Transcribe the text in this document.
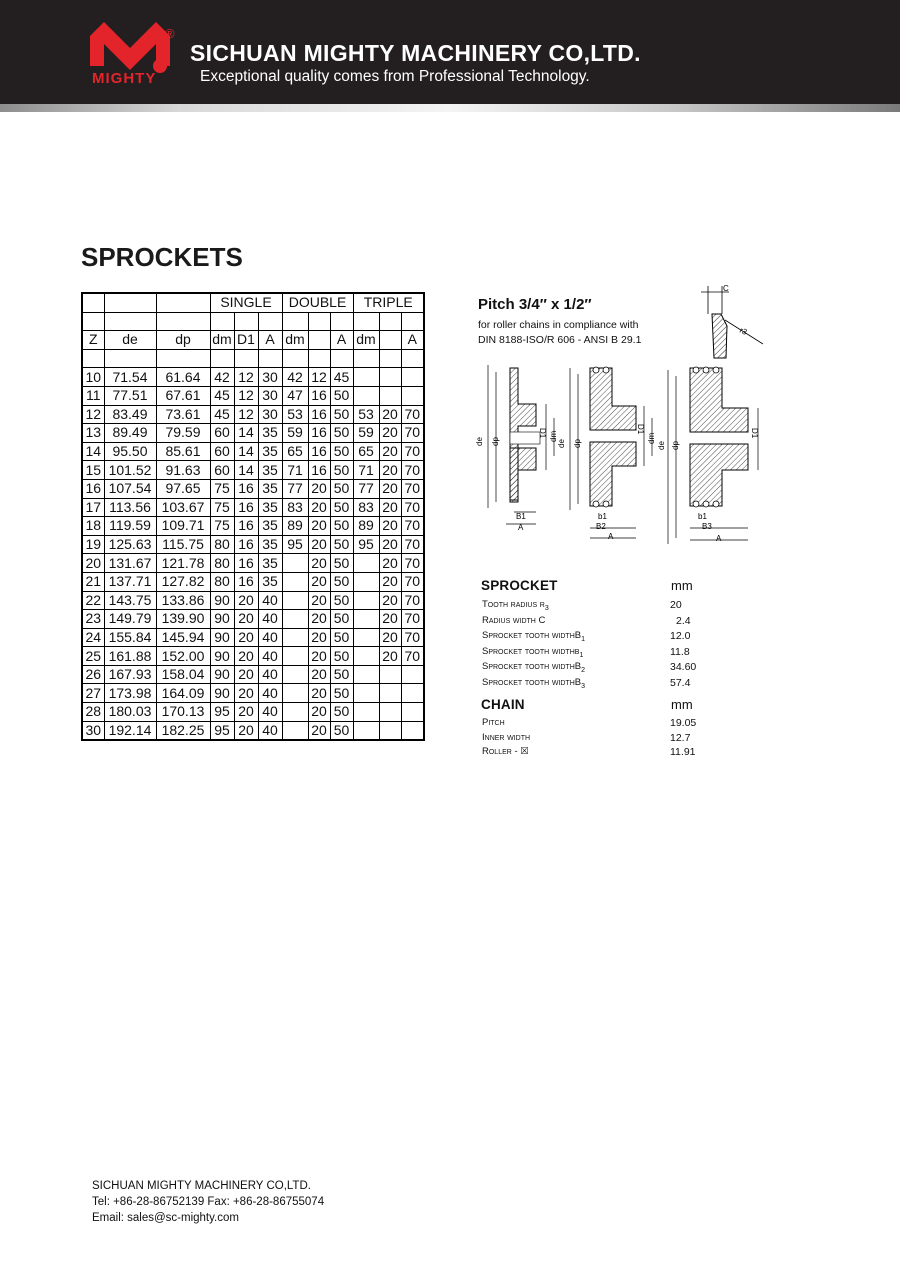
®
MIGHTY
SICHUAN MIGHTY MACHINERY CO,LTD.
Exceptional quality comes from Professional Technology.
SPROCKETS
			SINGLE			DOUBLE			TRIPLE		

Z	de	dp	dm	D1	A	dm		A	dm		A

10	71.54	61.64	42	12	30	42	12	45			
11	77.51	67.61	45	12	30	47	16	50			
12	83.49	73.61	45	12	30	53	16	50	53	20	70
13	89.49	79.59	60	14	35	59	16	50	59	20	70
14	95.50	85.61	60	14	35	65	16	50	65	20	70
15	101.52	91.63	60	14	35	71	16	50	71	20	70
16	107.54	97.65	75	16	35	77	20	50	77	20	70
17	113.56	103.67	75	16	35	83	20	50	83	20	70
18	119.59	109.71	75	16	35	89	20	50	89	20	70
19	125.63	115.75	80	16	35	95	20	50	95	20	70
20	131.67	121.78	80	16	35		20	50		20	70
21	137.71	127.82	80	16	35		20	50		20	70
22	143.75	133.86	90	20	40		20	50		20	70
23	149.79	139.90	90	20	40		20	50		20	70
24	155.84	145.94	90	20	40		20	50		20	70
25	161.88	152.00	90	20	40		20	50		20	70
26	167.93	158.04	90	20	40		20	50			
27	173.98	164.09	90	20	40		20	50			
28	180.03	170.13	95	20	40		20	50			
30	192.14	182.25	95	20	40		20	50			
Pitch 3/4″ x 1/2″
for roller chains in compliance with
DIN 8188-ISO/R 606 - ANSI B 29.1
C
r3
de dp
D1 dm
B1
A
de dp
D1
dm
b1
B2
A
de dp
D1
b1
B3
A
SPROCKET	mm
Tooth radius $r_3$	20
Radius width C	2.4
Sprocket tooth widthB$_1$	12.0
Sprocket tooth widthb$_1$	11.8
Sprocket tooth widthB$_2$	34.60
Sprocket tooth widthB$_3$	57.4
CHAIN	mm
Pitch	19.05
Inner width	12.7
Roller - ☒	11.91
SICHUAN MIGHTY MACHINERY CO,LTD.
Tel: +86-28-86752139 Fax: +86-28-86755074
Email: sales@sc-mighty.com
